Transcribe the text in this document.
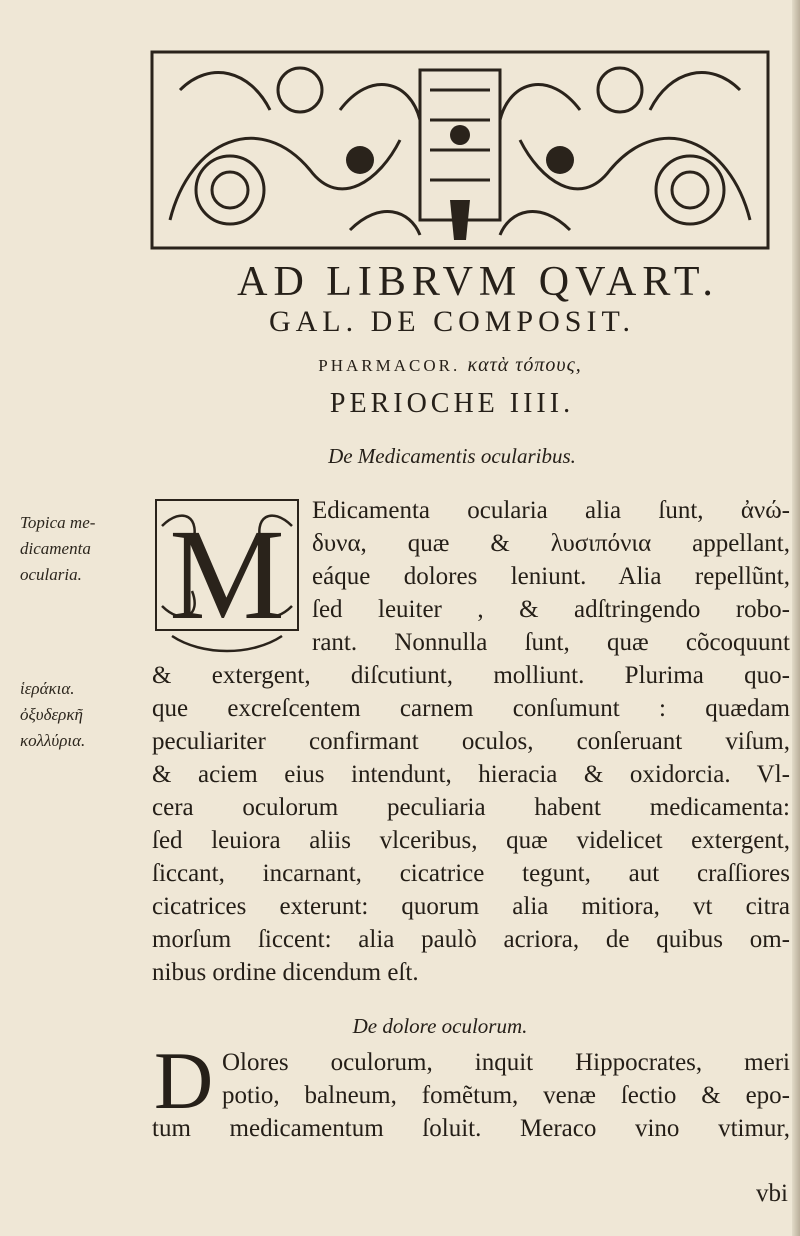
AD LIBRVM QVART.
GAL. DE COMPOSIT.
PHARMACOR. κατὰ τόπους,
PERIOCHE IIII.
De Medicamentis ocularibus.
Topica me-
dicamenta
ocularia.
ἱεράκια.
ὀξυδερκῆ
κολλύρια.
M	Edicamenta ocularia alia ſunt, ἀνώ-
δυνα, quæ & λυσιπόνια appellant,
eáque dolores leniunt. Alia repellũnt,
ſed leuiter , & adſtringendo robo-
rant. Nonnulla ſunt, quæ cõcoquunt
& extergent, diſcutiunt, molliunt. Plurima quo-
que excreſcentem carnem conſumunt : quædam
peculiariter confirmant oculos, conſeruant viſum,
& aciem eius intendunt, hieracia & oxidorcia. Vl-
cera oculorum peculiaria habent medicamenta:
ſed leuiora aliis vlceribus, quæ videlicet extergent,
ſiccant, incarnant, cicatrice tegunt, aut craſſiores
cicatrices exterunt: quorum alia mitiora, vt citra
morſum ſiccent: alia paulò acriora, de quibus om-
nibus ordine dicendum eſt.
De dolore oculorum.
D Olores oculorum, inquit Hippocrates, meri
potio, balneum, fomẽtum, venæ ſectio & epo-
tum medicamentum ſoluit. Meraco vino vtimur,
vbi
